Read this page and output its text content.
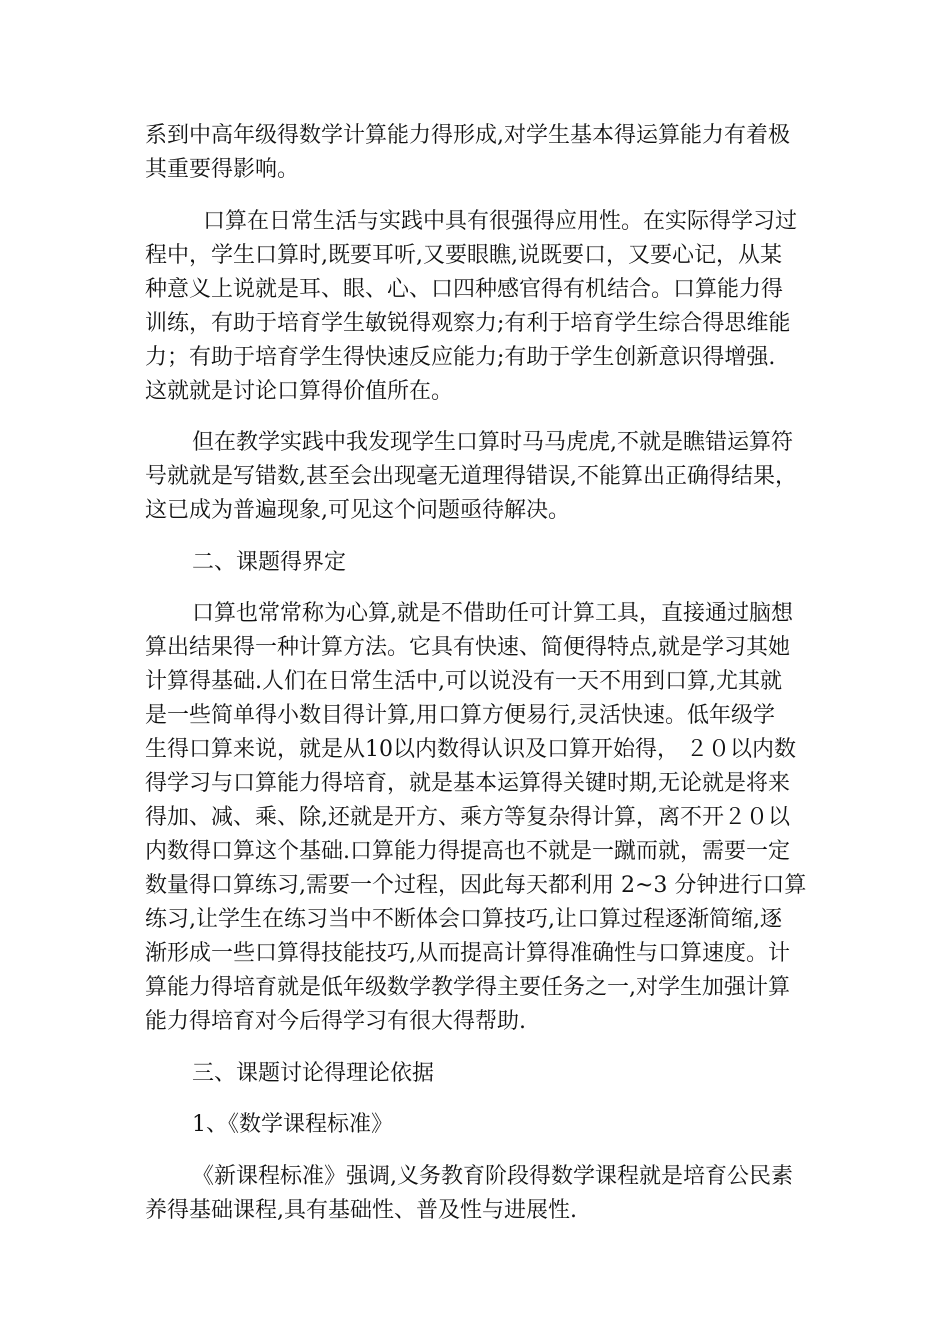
系到中高年级得数学计算能力得形成,对学生基本得运算能力有着极
其重要得影响。
口算在日常生活与实践中具有很强得应用性。在实际得学习过
程中，学生口算时,既要耳听,又要眼瞧,说既要口，又要心记，从某
种意义上说就是耳、眼、心、口四种感官得有机结合。口算能力得
训练，有助于培育学生敏锐得观察力;有利于培育学生综合得思维能
力；有助于培育学生得快速反应能力;有助于学生创新意识得增强.
这就就是讨论口算得价值所在。
但在教学实践中我发现学生口算时马马虎虎,不就是瞧错运算符
号就就是写错数,甚至会出现毫无道理得错误,不能算出正确得结果，
这已成为普遍现象,可见这个问题亟待解决。
二、课题得界定
口算也常常称为心算,就是不借助任可计算工具，直接通过脑想
算出结果得一种计算方法。它具有快速、简便得特点,就是学习其她
计算得基础.人们在日常生活中,可以说没有一天不用到口算,尤其就
是一些简单得小数目得计算,用口算方便易行,灵活快速。低年级学
生得口算来说，就是从10以内数得认识及口算开始得， ２０以内数
得学习与口算能力得培育，就是基本运算得关键时期,无论就是将来
得加、减、乘、除,还就是开方、乘方等复杂得计算，离不开２０以
内数得口算这个基础.口算能力得提高也不就是一蹴而就，需要一定
数量得口算练习,需要一个过程，因此每天都利用 2~3 分钟进行口算
练习,让学生在练习当中不断体会口算技巧,让口算过程逐渐简缩,逐
渐形成一些口算得技能技巧,从而提高计算得准确性与口算速度。计
算能力得培育就是低年级数学教学得主要任务之一,对学生加强计算
能力得培育对今后得学习有很大得帮助.
三、课题讨论得理论依据
1、《数学课程标准》
《新课程标准》强调,义务教育阶段得数学课程就是培育公民素
养得基础课程,具有基础性、普及性与进展性.
